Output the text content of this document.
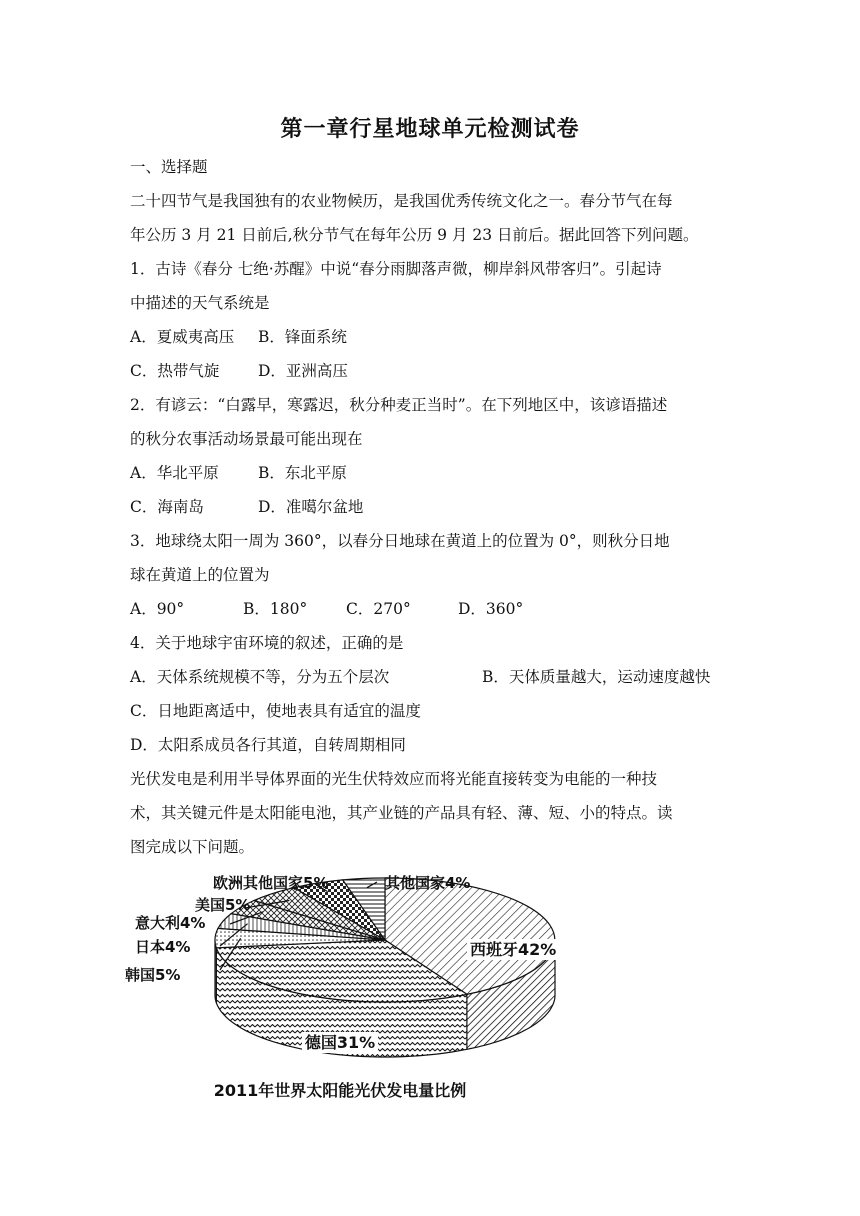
第一章行星地球单元检测试卷
一、选择题
二十四节气是我国独有的农业物候历，是我国优秀传统文化之一。春分节气在每
年公历 3 月 21 日前后,秋分节气在每年公历 9 月 23 日前后。据此回答下列问题。
1．古诗《春分 七绝·苏醒》中说“春分雨脚落声微，柳岸斜风带客归”。引起诗
中描述的天气系统是
A．夏威夷高压 B．锋面系统
C．热带气旋 D．亚洲高压
2．有谚云：“白露早，寒露迟，秋分种麦正当时”。在下列地区中，该谚语描述
的秋分农事活动场景最可能出现在
A．华北平原	B．东北平原
C．海南岛	D．准噶尔盆地
3．地球绕太阳一周为 360°，以春分日地球在黄道上的位置为 0°，则秋分日地
球在黄道上的位置为
A．90°	B．180°	C．270°	D．360°
4．关于地球宇宙环境的叙述，正确的是
A．天体系统规模不等，分为五个层次	B．天体质量越大，运动速度越快
C．日地距离适中，使地表具有适宜的温度
D．太阳系成员各行其道，自转周期相同
光伏发电是利用半导体界面的光生伏特效应而将光能直接转变为电能的一种技
术，其关键元件是太阳能电池，其产业链的产品具有轻、薄、短、小的特点。读
图完成以下问题。
西班牙42%
德国31%
韩国5%
日本4%
意大利4%
美国5%
欧洲其他国家5%	其他国家4%
2011年世界太阳能光伏发电量比例
